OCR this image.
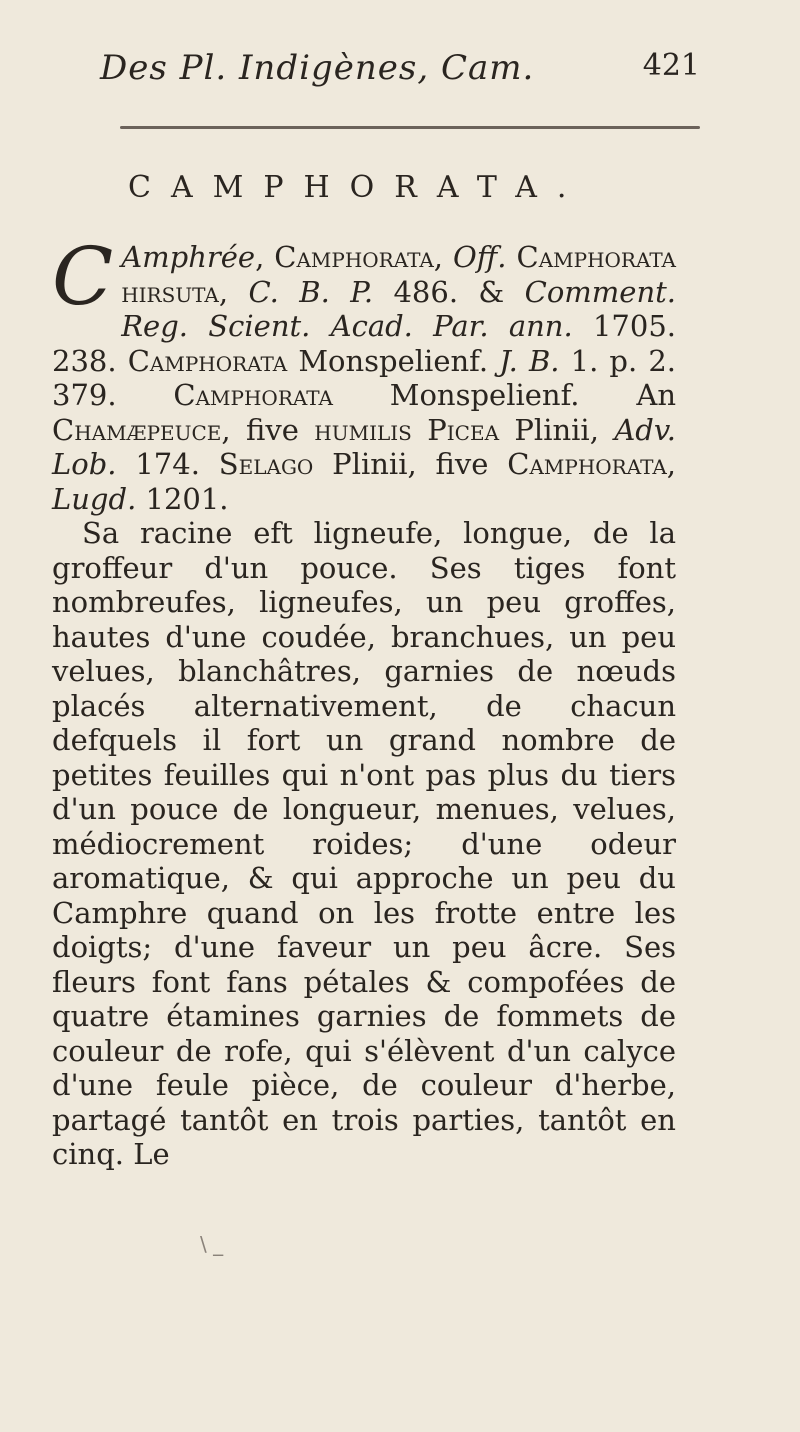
Des Pl. Indigènes, Cam.	421
CAMPHORATA.

C Amphrée, Camphorata, Off. Camphorata hirsuta, C. B. P. 486. & Comment. Reg. Scient. Acad. Par. ann. 1705. 238. Camphorata Monspelienf. J. B. 1. p. 2. 379. Camphorata Monspelienf. An Chamæpeuce, five humilis Picea Plinii, Adv. Lob. 174. Selago Plinii, five Camphorata, Lugd. 1201.

Sa racine eft ligneufe, longue, de la groffeur d'un pouce. Ses tiges font nombreufes, ligneufes, un peu groffes, hautes d'une coudée, branchues, un peu velues, blanchâtres, garnies de nœuds placés alternativement, de chacun defquels il fort un grand nombre de petites feuilles qui n'ont pas plus du tiers d'un pouce de longueur, menues, velues, médiocrement roides; d'une odeur aromatique, & qui approche un peu du Camphre quand on les frotte entre les doigts; d'une faveur un peu âcre. Ses fleurs font fans pétales & compofées de quatre étamines garnies de fommets de couleur de rofe, qui s'élèvent d'un calyce d'une feule pièce, de couleur d'herbe, partagé tantôt en trois parties, tantôt en cinq. Le

\ _
